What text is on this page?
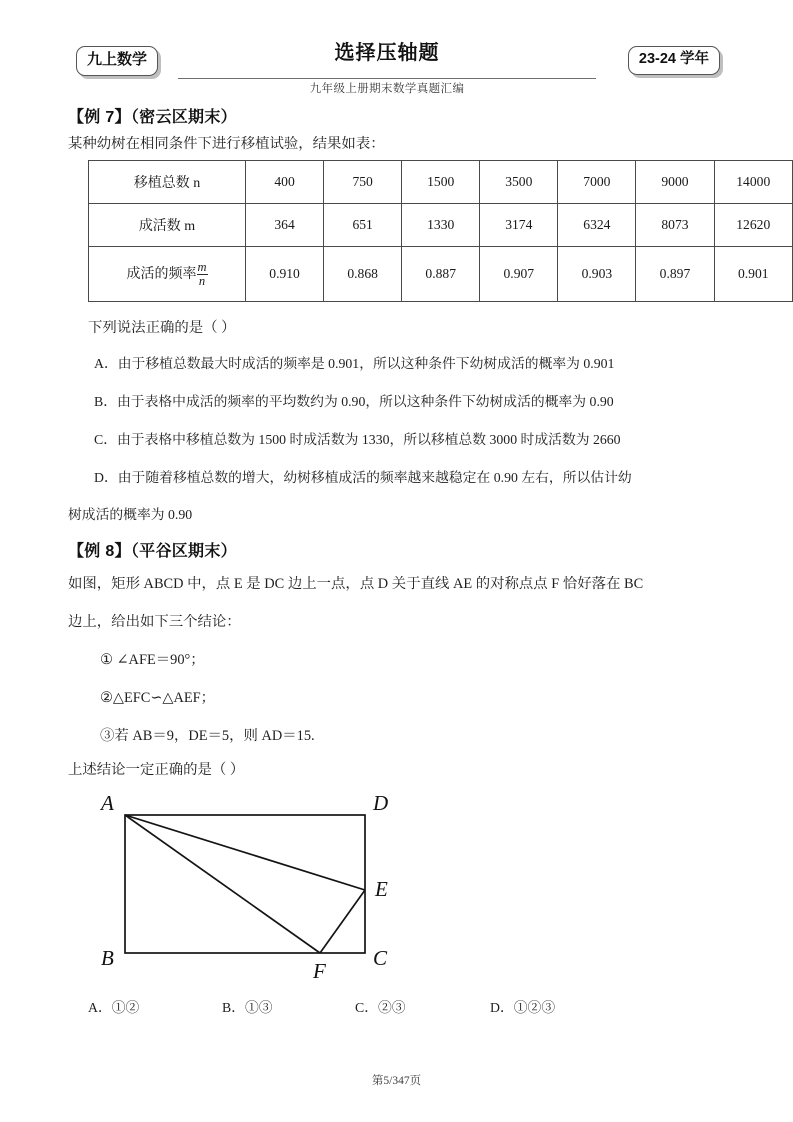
九上数学	选择压轴题
九年级上册期末数学真题汇编
23-24 学年
【例 7】（密云区期末）
某种幼树在相同条件下进行移植试验，结果如表：
移植总数 n	400	750	1500	3500	7000	9000	14000
成活数 m	364	651	1330	3174	6324	8073	12620
成活的频率 $\frac{m}{n}$	0.910	0.868	0.887	0.907	0.903	0.897	0.901
下列说法正确的是（ ）
A．由于移植总数最大时成活的频率是 0.901，所以这种条件下幼树成活的概率为 0.901
B．由于表格中成活的频率的平均数约为 0.90，所以这种条件下幼树成活的概率为 0.90
C．由于表格中移植总数为 1500 时成活数为 1330，所以移植总数 3000 时成活数为 2660
D．由于随着移植总数的增大，幼树移植成活的频率越来越稳定在 0.90 左右，所以估计幼
树成活的概率为 0.90
【例 8】（平谷区期末）
如图，矩形 ABCD 中，点 E 是 DC 边上一点，点 D 关于直线 AE 的对称点点 F 恰好落在 BC
边上，给出如下三个结论：
① ∠AFE＝90°；
②△EFC∽△AEF；
③若 AB＝9，DE＝5，则 AD＝15.
上述结论一定正确的是（ ）
A
B	C
D
E
F
A．①②	B．①③	C．②③	D．①②③
第5/347页
